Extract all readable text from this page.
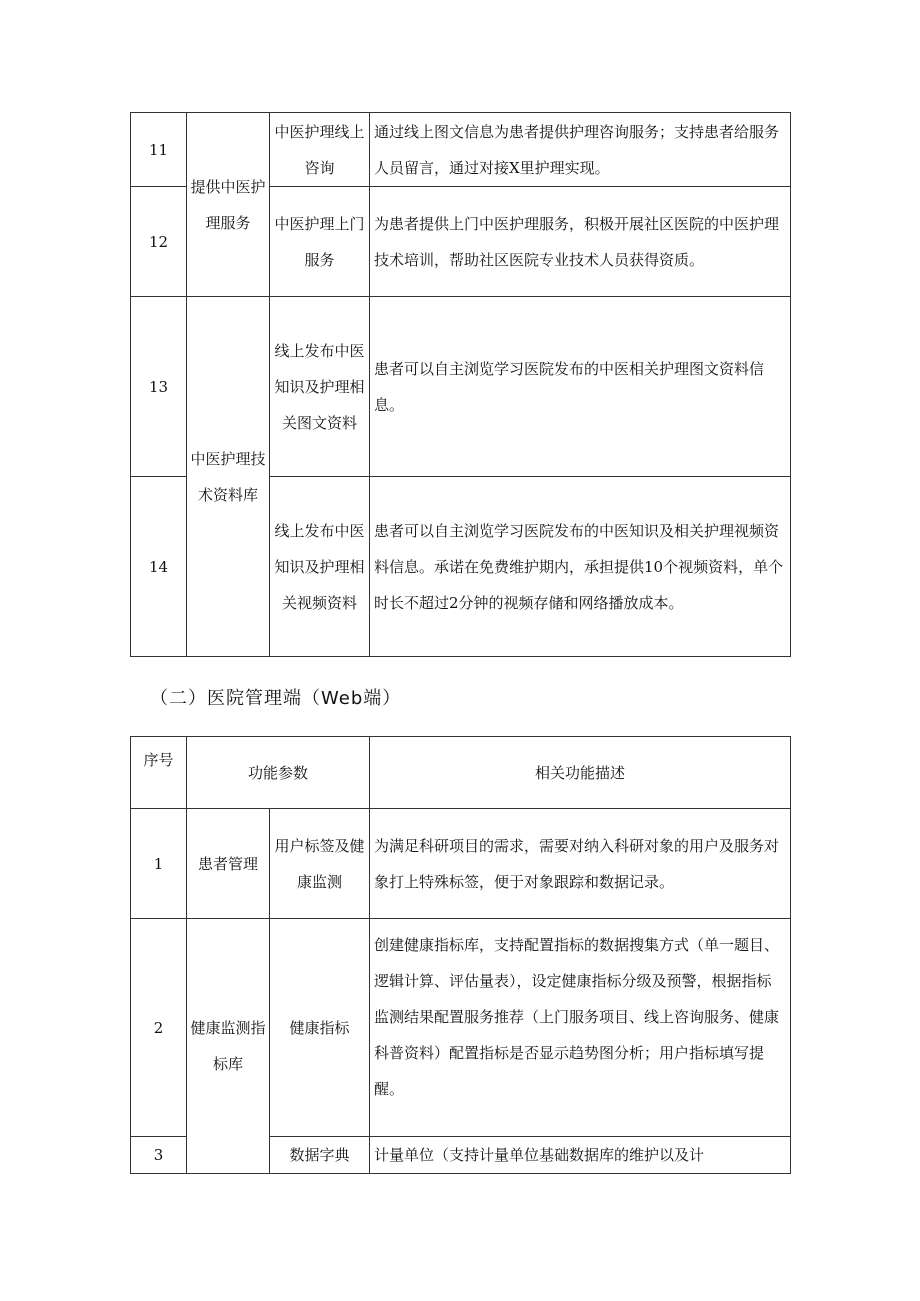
11	提供中医护理服务	中医护理线上咨询	通过线上图文信息为患者提供护理咨询服务；支持患者给服务人员留言，通过对接X里护理实现。
12		中医护理上门服务	为患者提供上门中医护理服务，积极开展社区医院的中医护理技术培训，帮助社区医院专业技术人员获得资质。
13	中医护理技术资料库	线上发布中医知识及护理相关图文资料	患者可以自主浏览学习医院发布的中医相关护理图文资料信息。
14		线上发布中医知识及护理相关视频资料	患者可以自主浏览学习医院发布的中医知识及相关护理视频资料信息。承诺在免费维护期内，承担提供10个视频资料，单个时长不超过2分钟的视频存储和网络播放成本。
（二）医院管理端（Web端）
序号	功能参数		相关功能描述
1	患者管理	用户标签及健康监测	为满足科研项目的需求，需要对纳入科研对象的用户及服务对象打上特殊标签，便于对象跟踪和数据记录。
2	健康监测指标库	健康指标	创建健康指标库，支持配置指标的数据搜集方式（单一题目、逻辑计算、评估量表），设定健康指标分级及预警，根据指标监测结果配置服务推荐（上门服务项目、线上咨询服务、健康科普资料）配置指标是否显示趋势图分析；用户指标填写提醒。
3		数据字典	计量单位（支持计量单位基础数据库的维护以及计
